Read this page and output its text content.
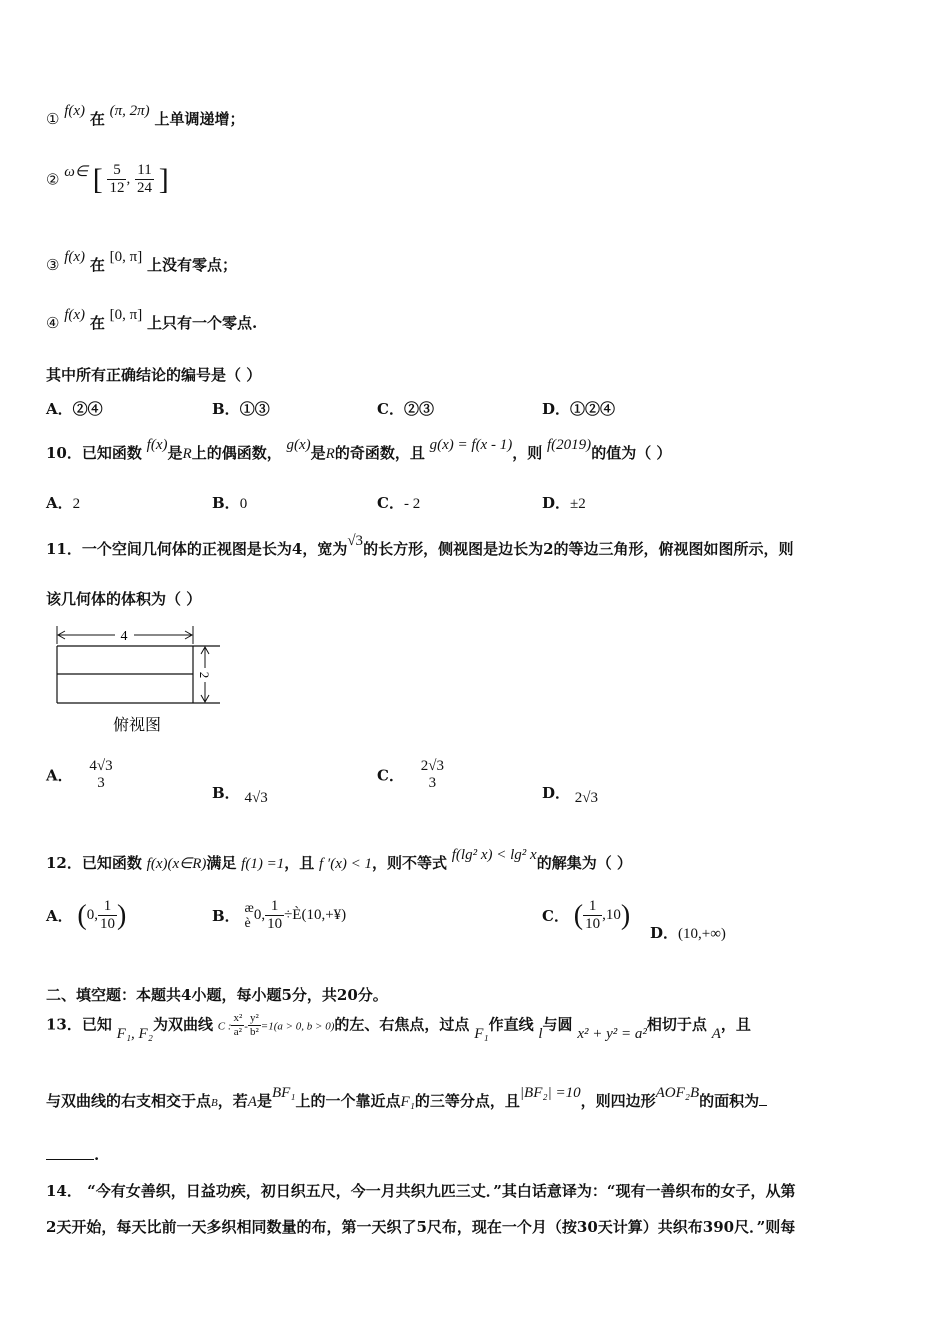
① f(x) 在 (π, 2π) 上单调递增；
② ω∈ [ $\frac{5}{12}$ , $\frac{11}{24}$ ]
③ f(x) 在 [0, π] 上没有零点；
④ f(x) 在 [0, π] 上只有一个零点.
其中所有正确结论的编号是（ ）
A．②④	B．①③	C．②③	D．①②④
10．已知函数 f(x)是R上的偶函数， g(x)是R的奇函数，且 g(x) = f(x - 1)，则 f(2019)的值为（ ）
A．2	B．0	C．- 2	D．±2
11．一个空间几何体的正视图是长为4，宽为√3的长方形，侧视图是边长为2的等边三角形，俯视图如图所示，则
该几何体的体积为（ ）
4
2
俯视图
A．
4√3
3
B． 4√3
C．
2√3
3
D． 2√3
12．已知函数 f(x)(x∈R)满足 f(1) =1，且 f ′(x) < 1，则不等式 f(lg² x) < lg² x的解集为（ ）
A． (0, $\frac{1}{10}$ )	B． æ
è 0, $\frac{1}{10}$ ÷È(10,+¥)	C． ( $\frac{1}{10} ,10$)
D．(10,+∞)
二、填空题：本题共4小题，每小题5分，共20分。
13．已知 F₁, F₂为双曲线 C : $\frac{\text{x²}}{\text{a²}} - \frac{\text{y²}}{\text{b²}} =1(a > 0$, b > 0)的左、右焦点，过点 F₁作直线 l与圆 x² + y² = a²相切于点 A，且
与双曲线的右支相交于点B，若A是BF₁上的一个靠近点F₁的三等分点，且|BF₂| =10，则四边形AOF₂B的面积为
.
14． “今有女善织，日益功疾，初日织五尺，今一月共织九匹三丈．”其白话意译为：“现有一善织布的女子，从第
2天开始，每天比前一天多织相同数量的布，第一天织了5尺布，现在一个月（按30天计算）共织布390尺．”则每
